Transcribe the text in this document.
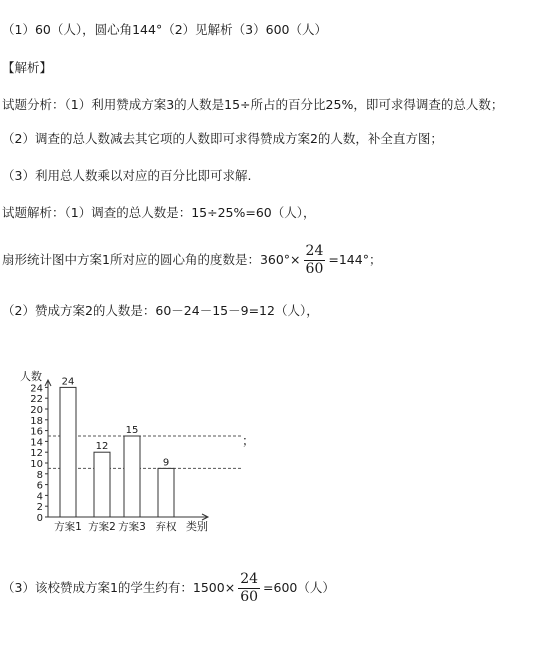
（1）60（人），圆心角144°（2）见解析（3）600（人）
【解析】
试题分析：（1）利用赞成方案3的人数是15÷所占的百分比25%，即可求得调查的总人数；
（2）调查的总人数减去其它项的人数即可求得赞成方案2的人数，补全直方图；
（3）利用总人数乘以对应的百分比即可求解.
试题解析：（1）调查的总人数是：15÷25%=60（人），
扇形统计图中方案1所对应的圆心角的度数是：$360^\circ\times \frac{24}{60} =144^\circ$；
（2）赞成方案2的人数是：60－24－15－9=12（人），
人数
类别
0
2
4
6
8
10
12
14
16
18
20
22
24
24
方案1
12
方案2
15
方案3
9
弃权
；
（3）该校赞成方案1的学生约有：$1500\times \frac{24}{60} =600$（人）
